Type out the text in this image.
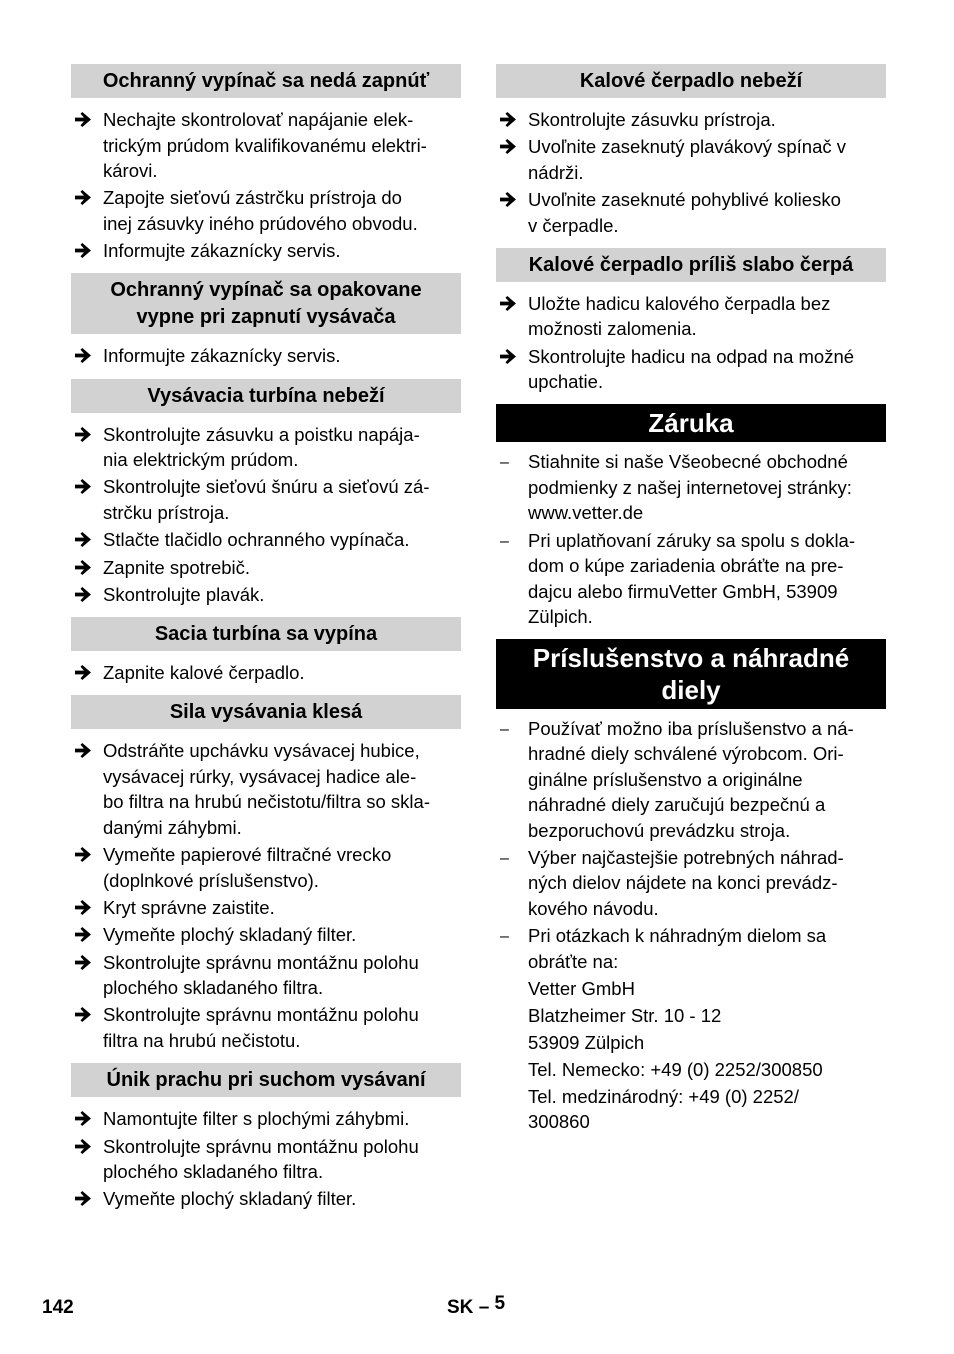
Ochranný vypínač sa nedá zapnúť
Nechajte skontrolovať napájanie elek-
trickým prúdom kvalifikovanému elektri-
károvi.
Zapojte sieťovú zástrčku prístroja do
inej zásuvky iného prúdového obvodu.
Informujte zákaznícky servis.
Ochranný vypínač sa opakovane
vypne pri zapnutí vysávača
Informujte zákaznícky servis.
Vysávacia turbína nebeží
Skontrolujte zásuvku a poistku napája-
nia elektrickým prúdom.
Skontrolujte sieťovú šnúru a sieťovú zá-
strčku prístroja.
Stlačte tlačidlo ochranného vypínača.
Zapnite spotrebič.
Skontrolujte plavák.
Sacia turbína sa vypína
Zapnite kalové čerpadlo.
Sila vysávania klesá
Odstráňte upchávku vysávacej hubice,
vysávacej rúrky, vysávacej hadice ale-
bo filtra na hrubú nečistotu/filtra so skla-
danými záhybmi.
Vymeňte papierové filtračné vrecko
(doplnkové príslušenstvo).
Kryt správne zaistite.
Vymeňte plochý skladaný filter.
Skontrolujte správnu montážnu polohu
plochého skladaného filtra.
Skontrolujte správnu montážnu polohu
filtra na hrubú nečistotu.
Únik prachu pri suchom vysávaní
Namontujte filter s plochými záhybmi.
Skontrolujte správnu montážnu polohu
plochého skladaného filtra.
Vymeňte plochý skladaný filter.
Kalové čerpadlo nebeží
Skontrolujte zásuvku prístroja.
Uvoľnite zaseknutý plavákový spínač v
nádrži.
Uvoľnite zaseknuté pohyblivé koliesko
v čerpadle.
Kalové čerpadlo príliš slabo čerpá
Uložte hadicu kalového čerpadla bez
možnosti zalomenia.
Skontrolujte hadicu na odpad na možné
upchatie.
Záruka
– Stiahnite si naše Všeobecné obchodné
podmienky z našej internetovej stránky:
www.vetter.de
– Pri uplatňovaní záruky sa spolu s dokla-
dom o kúpe zariadenia obráťte na pre-
dajcu alebo firmuVetter GmbH, 53909
Zülpich.
Príslušenstvo a náhradné
diely
– Používať možno iba príslušenstvo a ná-
hradné diely schválené výrobcom. Ori-
ginálne príslušenstvo a originálne
náhradné diely zaručujú bezpečnú a
bezporuchovú prevádzku stroja.
– Výber najčastejšie potrebných náhrad-
ných dielov nájdete na konci prevádz-
kového návodu.
– Pri otázkach k náhradným dielom sa
obráťte na:
Vetter GmbH
Blatzheimer Str. 10 - 12
53909 Zülpich
Tel. Nemecko: +49 (0) 2252/300850
Tel. medzinárodný: +49 (0) 2252/
300860
142	SK – 5
